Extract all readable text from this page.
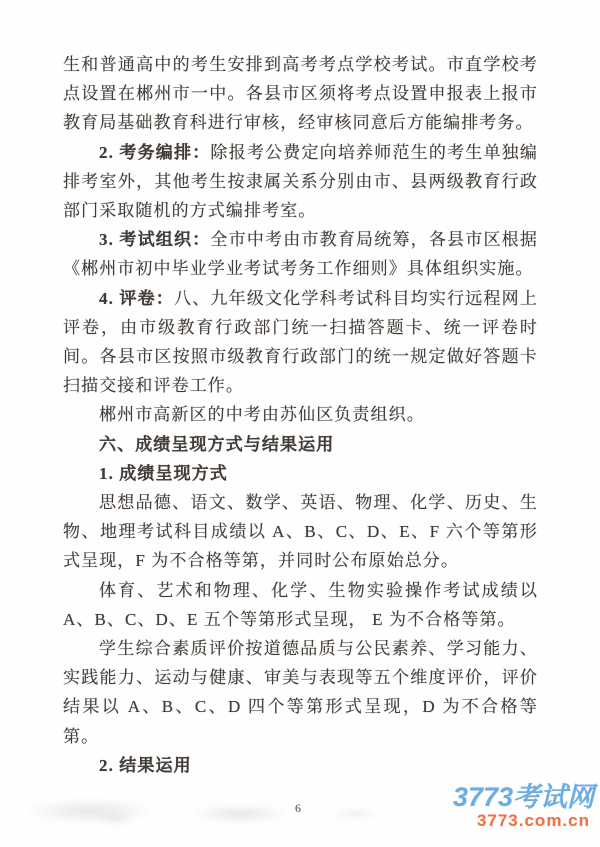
生和普通高中的考生安排到高考考点学校考试。市直学校考点设置在郴州市一中。各县市区须将考点设置申报表上报市教育局基础教育科进行审核，经审核同意后方能编排考务。

2. 考务编排：除报考公费定向培养师范生的考生单独编排考室外，其他考生按隶属关系分别由市、县两级教育行政部门采取随机的方式编排考室。

3. 考试组织：全市中考由市教育局统筹，各县市区根据《郴州市初中毕业学业考试考务工作细则》具体组织实施。

4. 评卷：八、九年级文化学科考试科目均实行远程网上评卷，由市级教育行政部门统一扫描答题卡、统一评卷时间。各县市区按照市级教育行政部门的统一规定做好答题卡扫描交接和评卷工作。

郴州市高新区的中考由苏仙区负责组织。

六、成绩呈现方式与结果运用

1. 成绩呈现方式

思想品德、语文、数学、英语、物理、化学、历史、生物、地理考试科目成绩以 A、B、C、D、E、F 六个等第形式呈现，F 为不合格等第，并同时公布原始总分。

体育、艺术和物理、化学、生物实验操作考试成绩以 A、B、C、D、E 五个等第形式呈现， E 为不合格等第。

学生综合素质评价按道德品质与公民素养、学习能力、实践能力、运动与健康、审美与表现等五个维度评价，评价结果以 A、B、C、D 四个等第形式呈现，D 为不合格等第。

2. 结果运用

6	3773考试网
3773.com.cn
